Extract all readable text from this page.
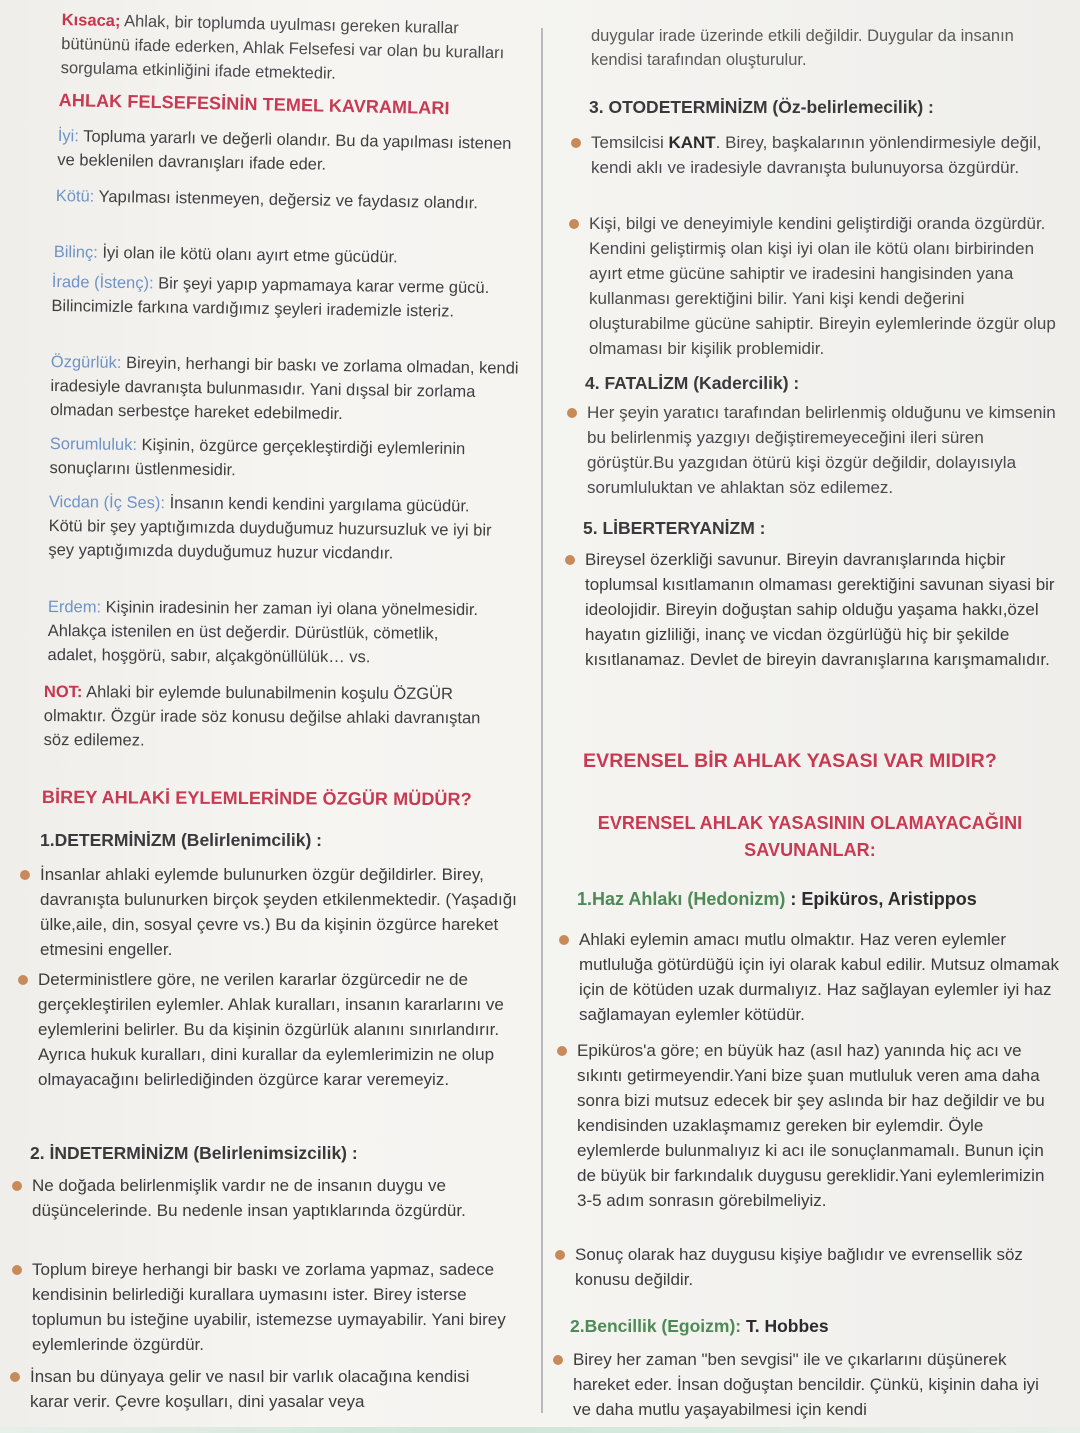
Kısaca; Ahlak, bir toplumda uyulması gereken kurallar bütününü ifade ederken, Ahlak Felsefesi var olan bu kuralları sorgulama etkinliğini ifade etmektedir.

AHLAK FELSEFESİNİN TEMEL KAVRAMLARI
İyi: Topluma yararlı ve değerli olandır. Bu da yapılması istenen ve beklenilen davranışları ifade eder.
Kötü: Yapılması istenmeyen, değersiz ve faydasız olandır.
Bilinç: İyi olan ile kötü olanı ayırt etme gücüdür.
İrade (İstenç): Bir şeyi yapıp yapmamaya karar verme gücü. Bilincimizle farkına vardığımız şeyleri irademizle isteriz.
Özgürlük: Bireyin, herhangi bir baskı ve zorlama olmadan, kendi iradesiyle davranışta bulunmasıdır. Yani dışsal bir zorlama olmadan serbestçe hareket edebilmedir.
Sorumluluk: Kişinin, özgürce gerçekleştirdiği eylemlerinin sonuçlarını üstlenmesidir.
Vicdan (İç Ses): İnsanın kendi kendini yargılama gücüdür. Kötü bir şey yaptığımızda duyduğumuz huzursuzluk ve iyi bir şey yaptığımızda duyduğumuz huzur vicdandır.
Erdem: Kişinin iradesinin her zaman iyi olana yönelmesidir. Ahlakça istenilen en üst değerdir. Dürüstlük, cömetlik, adalet, hoşgörü, sabır, alçakgönüllülük… vs.
NOT: Ahlaki bir eylemde bulunabilmenin koşulu ÖZGÜR olmaktır. Özgür irade söz konusu değilse ahlaki davranıştan söz edilemez.
BİREY AHLAKİ EYLEMLERİNDE ÖZGÜR MÜDÜR?
1.DETERMİNİZM (Belirlenimcilik) :
İnsanlar ahlaki eylemde bulunurken özgür değildirler. Birey, davranışta bulunurken birçok şeyden etkilenmektedir. (Yaşadığı ülke,aile, din, sosyal çevre vs.) Bu da kişinin özgürce hareket etmesini engeller.
Deterministlere göre, ne verilen kararlar özgürcedir ne de gerçekleştirilen eylemler. Ahlak kuralları, insanın kararlarını ve eylemlerini belirler. Bu da kişinin özgürlük alanını sınırlandırır. Ayrıca hukuk kuralları, dini kurallar da eylemlerimizin ne olup olmayacağını belirlediğinden özgürce karar veremeyiz.
2. İNDETERMİNİZM (Belirlenimsizcilik) :
Ne doğada belirlenmişlik vardır ne de insanın duygu ve düşüncelerinde. Bu nedenle insan yaptıklarında özgürdür.
Toplum bireye herhangi bir baskı ve zorlama yapmaz, sadece kendisinin belirlediği kurallara uymasını ister. Birey isterse toplumun bu isteğine uyabilir, istemezse uymayabilir. Yani birey eylemlerinde özgürdür.
İnsan bu dünyaya gelir ve nasıl bir varlık olacağına kendisi karar verir. Çevre koşulları, dini yasalar veya

duygular irade üzerinde etkili değildir. Duygular da insanın kendisi tarafından oluşturulur.

3. OTODETERMİNİZM (Öz-belirlemecilik) :
Temsilcisi KANT. Birey, başkalarının yönlendirmesiyle değil, kendi aklı ve iradesiyle davranışta bulunuyorsa özgürdür.
Kişi, bilgi ve deneyimiyle kendini geliştirdiği oranda özgürdür. Kendini geliştirmiş olan kişi iyi olan ile kötü olanı birbirinden ayırt etme gücüne sahiptir ve iradesini hangisinden yana kullanması gerektiğini bilir. Yani kişi kendi değerini oluşturabilme gücüne sahiptir. Bireyin eylemlerinde özgür olup olmaması bir kişilik problemidir.
4. FATALİZM (Kadercilik) :
Her şeyin yaratıcı tarafından belirlenmiş olduğunu ve kimsenin bu belirlenmiş yazgıyı değiştiremeyeceğini ileri süren görüştür.Bu yazgıdan ötürü kişi özgür değildir, dolayısıyla sorumluluktan ve ahlaktan söz edilemez.
5. LİBERTERYANİZM :
Bireysel özerkliği savunur. Bireyin davranışlarında hiçbir toplumsal kısıtlamanın olmaması gerektiğini savunan siyasi bir ideolojidir. Bireyin doğuştan sahip olduğu yaşama hakkı,özel hayatın gizliliği, inanç ve vicdan özgürlüğü hiç bir şekilde kısıtlanamaz. Devlet de bireyin davranışlarına karışmamalıdır.
EVRENSEL BİR AHLAK YASASI VAR MIDIR?
EVRENSEL AHLAK YASASININ OLAMAYACAĞINI SAVUNANLAR:
1.Haz Ahlakı (Hedonizm) : Epiküros, Aristippos
Ahlaki eylemin amacı mutlu olmaktır. Haz veren eylemler mutluluğa götürdüğü için iyi olarak kabul edilir. Mutsuz olmamak için de kötüden uzak durmalıyız. Haz sağlayan eylemler iyi haz sağlamayan eylemler kötüdür.
Epiküros'a göre; en büyük haz (asıl haz) yanında hiç acı ve sıkıntı getirmeyendir.Yani bize şuan mutluluk veren ama daha sonra bizi mutsuz edecek bir şey aslında bir haz değildir ve bu kendisinden uzaklaşmamız gereken bir eylemdir. Öyle eylemlerde bulunmalıyız ki acı ile sonuçlanmamalı. Bunun için de büyük bir farkındalık duygusu gereklidir.Yani eylemlerimizin 3-5 adım sonrasın görebilmeliyiz.
Sonuç olarak haz duygusu kişiye bağlıdır ve evrensellik söz konusu değildir.
2.Bencillik (Egoizm): T. Hobbes
Birey her zaman "ben sevgisi" ile ve çıkarlarını düşünerek hareket eder. İnsan doğuştan bencildir. Çünkü, kişinin daha iyi ve daha mutlu yaşayabilmesi için kendi
